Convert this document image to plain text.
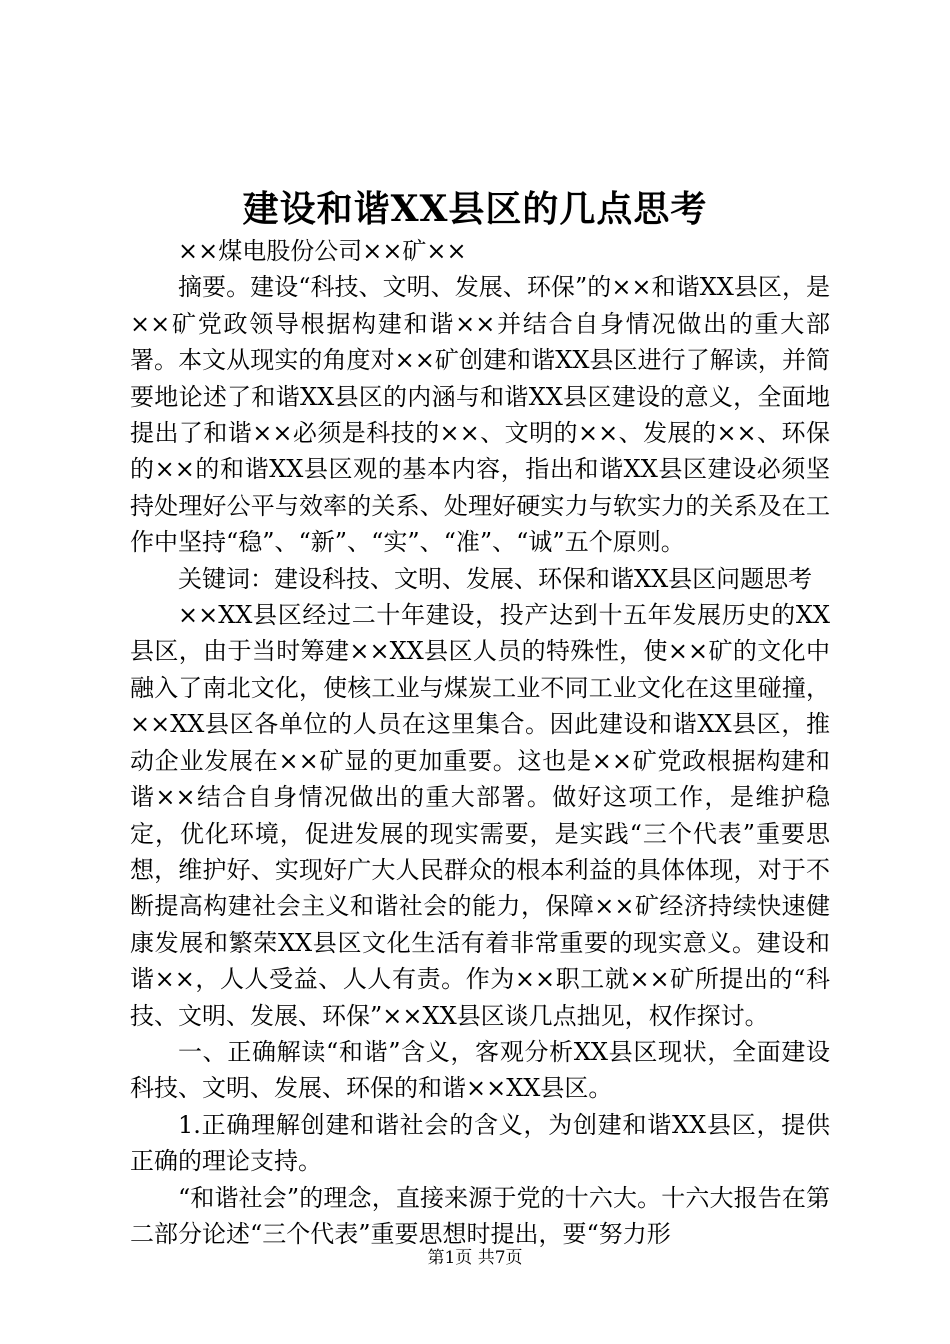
建设和谐XX县区的几点思考

××煤电股份公司××矿××

摘要。建设“科技、文明、发展、环保”的××和谐XX县区，是××矿党政领导根据构建和谐××并结合自身情况做出的重大部署。本文从现实的角度对××矿创建和谐XX县区进行了解读，并简要地论述了和谐XX县区的内涵与和谐XX县区建设的意义，全面地提出了和谐××必须是科技的××、文明的××、发展的××、环保的××的和谐XX县区观的基本内容，指出和谐XX县区建设必须坚持处理好公平与效率的关系、处理好硬实力与软实力的关系及在工作中坚持“稳”、“新”、“实”、“准”、“诚”五个原则。

关键词：建设科技、文明、发展、环保和谐XX县区问题思考

××XX县区经过二十年建设，投产达到十五年发展历史的XX县区，由于当时筹建××XX县区人员的特殊性，使××矿的文化中融入了南北文化，使核工业与煤炭工业不同工业文化在这里碰撞，××XX县区各单位的人员在这里集合。因此建设和谐XX县区，推动企业发展在××矿显的更加重要。这也是××矿党政根据构建和谐××结合自身情况做出的重大部署。做好这项工作，是维护稳定，优化环境，促进发展的现实需要，是实践“三个代表”重要思想，维护好、实现好广大人民群众的根本利益的具体体现，对于不断提高构建社会主义和谐社会的能力，保障××矿经济持续快速健康发展和繁荣XX县区文化生活有着非常重要的现实意义。建设和谐××，人人受益、人人有责。作为××职工就××矿所提出的“科技、文明、发展、环保”××XX县区谈几点拙见，权作探讨。

一、正确解读“和谐”含义，客观分析XX县区现状，全面建设科技、文明、发展、环保的和谐××XX县区。

1.正确理解创建和谐社会的含义，为创建和谐XX县区，提供正确的理论支持。

“和谐社会”的理念，直接来源于党的十六大。十六大报告在第二部分论述“三个代表”重要思想时提出，要“努力形

第1页 共7页
